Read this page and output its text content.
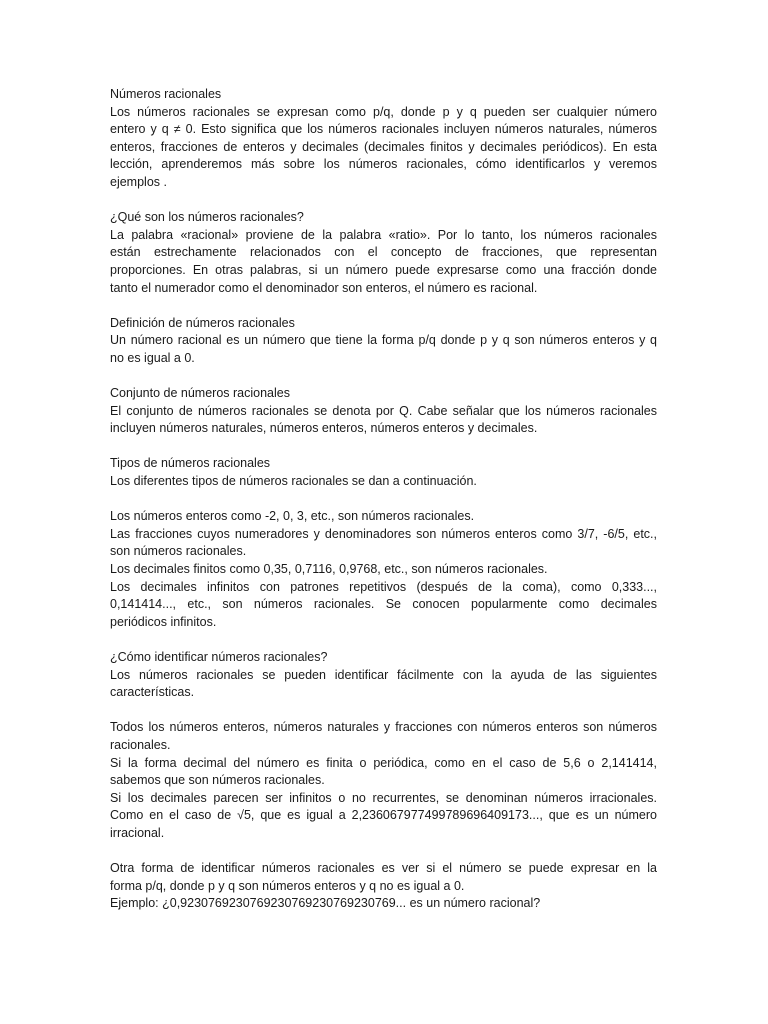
Números racionales
Los números racionales se expresan como p/q, donde p y q pueden ser cualquier número
entero y q ≠ 0. Esto significa que los números racionales incluyen números naturales, números
enteros, fracciones de enteros y decimales (decimales finitos y decimales periódicos). En esta
lección, aprenderemos más sobre los números racionales, cómo identificarlos y veremos
ejemplos .
¿Qué son los números racionales?
La palabra «racional» proviene de la palabra «ratio». Por lo tanto, los números racionales
están estrechamente relacionados con el concepto de fracciones, que representan
proporciones. En otras palabras, si un número puede expresarse como una fracción donde
tanto el numerador como el denominador son enteros, el número es racional.
Definición de números racionales
Un número racional es un número que tiene la forma p/q donde p y q son números enteros y q
no es igual a 0.
Conjunto de números racionales
El conjunto de números racionales se denota por Q. Cabe señalar que los números racionales
incluyen números naturales, números enteros, números enteros y decimales.
Tipos de números racionales
Los diferentes tipos de números racionales se dan a continuación.
Los números enteros como -2, 0, 3, etc., son números racionales.
Las fracciones cuyos numeradores y denominadores son números enteros como 3/7, -6/5, etc.,
son números racionales.
Los decimales finitos como 0,35, 0,7116, 0,9768, etc., son números racionales.
Los decimales infinitos con patrones repetitivos (después de la coma), como 0,333...,
0,141414..., etc., son números racionales. Se conocen popularmente como decimales
periódicos infinitos.
¿Cómo identificar números racionales?
Los números racionales se pueden identificar fácilmente con la ayuda de las siguientes
características.
Todos los números enteros, números naturales y fracciones con números enteros son números
racionales.
Si la forma decimal del número es finita o periódica, como en el caso de 5,6 o 2,141414,
sabemos que son números racionales.
Si los decimales parecen ser infinitos o no recurrentes, se denominan números irracionales.
Como en el caso de √5, que es igual a 2,236067977499789696409173..., que es un número
irracional.
Otra forma de identificar números racionales es ver si el número se puede expresar en la
forma p/q, donde p y q son números enteros y q no es igual a 0.
Ejemplo: ¿0,9230769230769230769230769230769... es un número racional?
